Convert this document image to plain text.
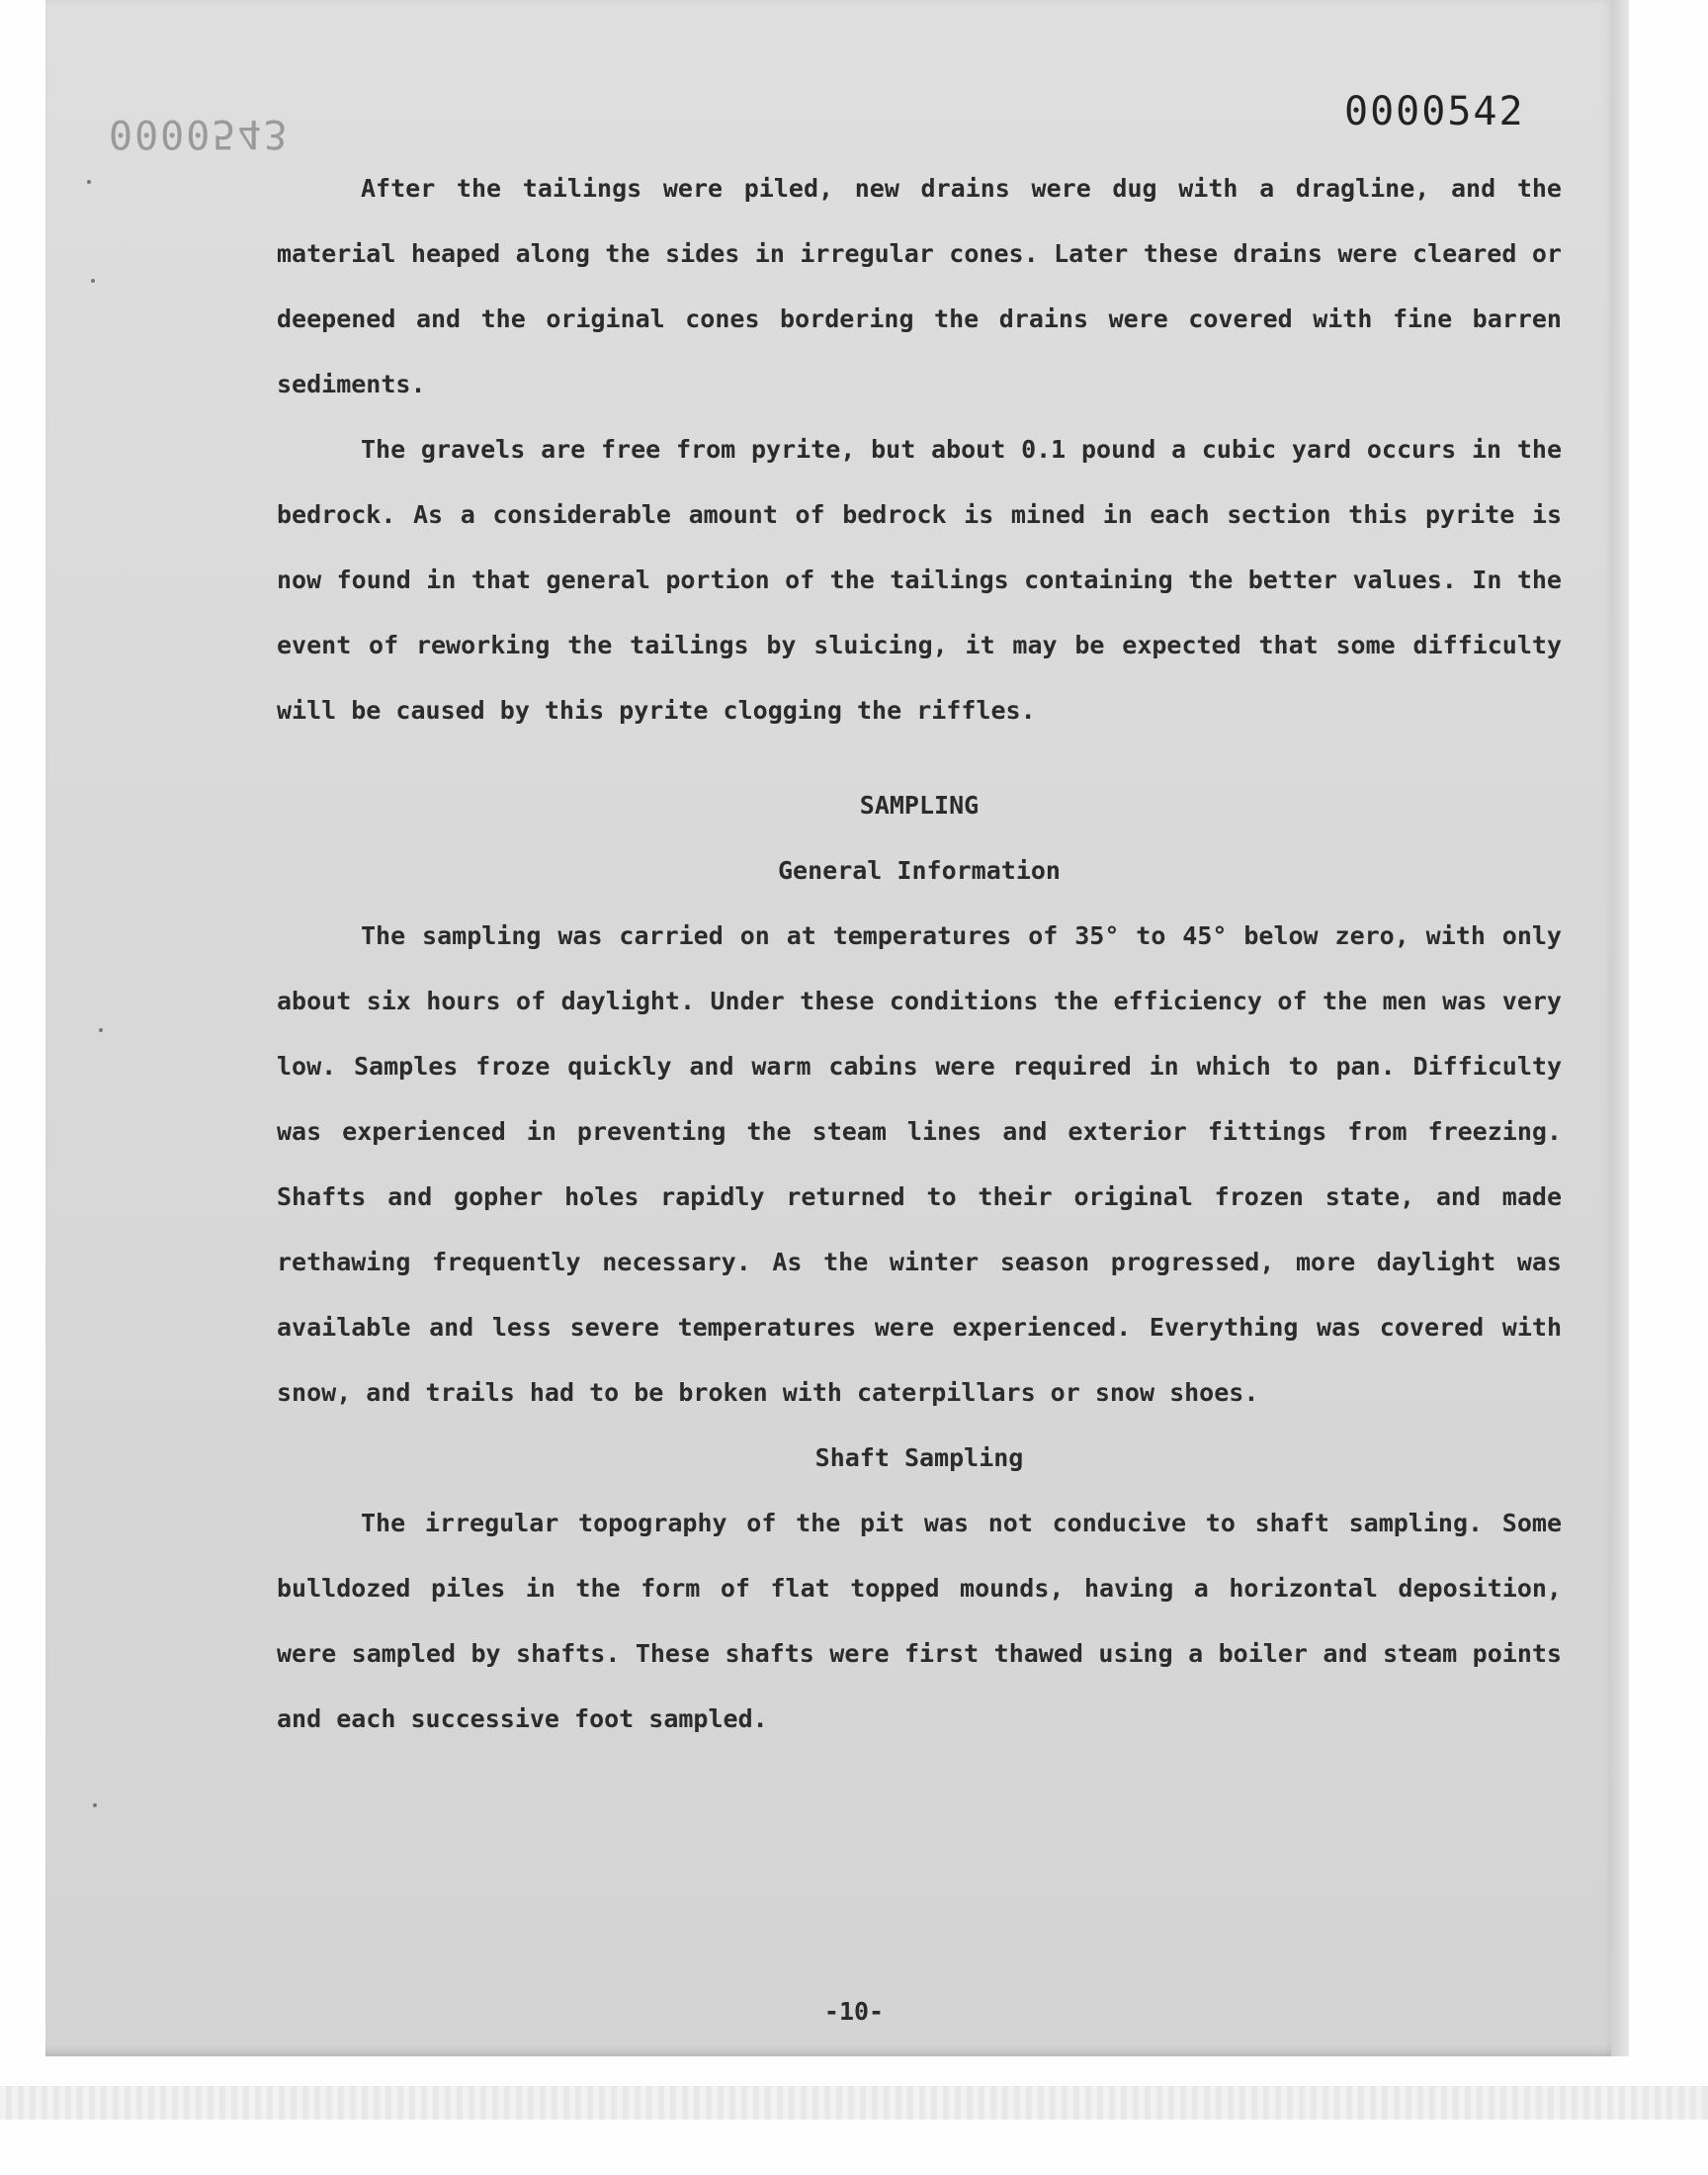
0000542
0000543

After the tailings were piled, new drains were dug with a dragline, and the material heaped along the sides in irregular cones. Later these drains were cleared or deepened and the original cones bordering the drains were covered with fine barren sediments.

The gravels are free from pyrite, but about 0.1 pound a cubic yard occurs in the bedrock. As a considerable amount of bedrock is mined in each section this pyrite is now found in that general portion of the tailings containing the better values. In the event of reworking the tailings by sluicing, it may be expected that some difficulty will be caused by this pyrite clogging the riffles.

SAMPLING

General Information

The sampling was carried on at temperatures of 35° to 45° below zero, with only about six hours of daylight. Under these conditions the efficiency of the men was very low. Samples froze quickly and warm cabins were required in which to pan. Difficulty was experienced in preventing the steam lines and exterior fittings from freezing. Shafts and gopher holes rapidly returned to their original frozen state, and made rethawing frequently necessary. As the winter season progressed, more daylight was available and less severe temperatures were experienced. Everything was covered with snow, and trails had to be broken with caterpillars or snow shoes.

Shaft Sampling

The irregular topography of the pit was not conducive to shaft sampling. Some bulldozed piles in the form of flat topped mounds, having a horizontal deposition, were sampled by shafts. These shafts were first thawed using a boiler and steam points and each successive foot sampled.

-10-
